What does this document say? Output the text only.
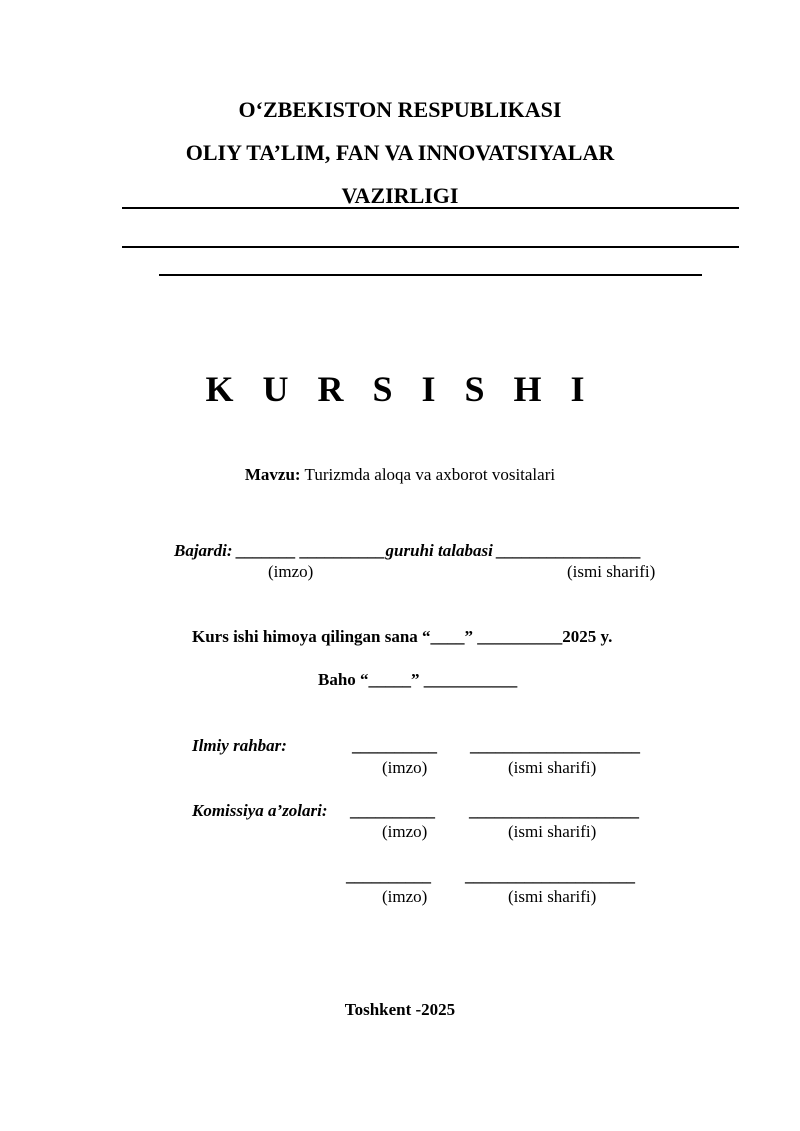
O‘ZBEKISTON RESPUBLIKASI
OLIY TA’LIM, FAN VA INNOVATSIYALAR
VAZIRLIGI
K U R S I S H I
Mavzu: Turizmda aloqa va axborot vositalari
Bajardi: _______ __________guruhi talabasi _________________
(imzo)	(ismi sharifi)
Kurs ishi himoya qilingan sana “____” __________2025 y.
Baho “_____” ___________
Ilmiy rahbar:	__________ ____________________
(imzo)	(ismi sharifi)
Komissiya a’zolari: __________ ____________________
(imzo)	(ismi sharifi)
__________ ____________________
(imzo)	(ismi sharifi)
Toshkent -2025
